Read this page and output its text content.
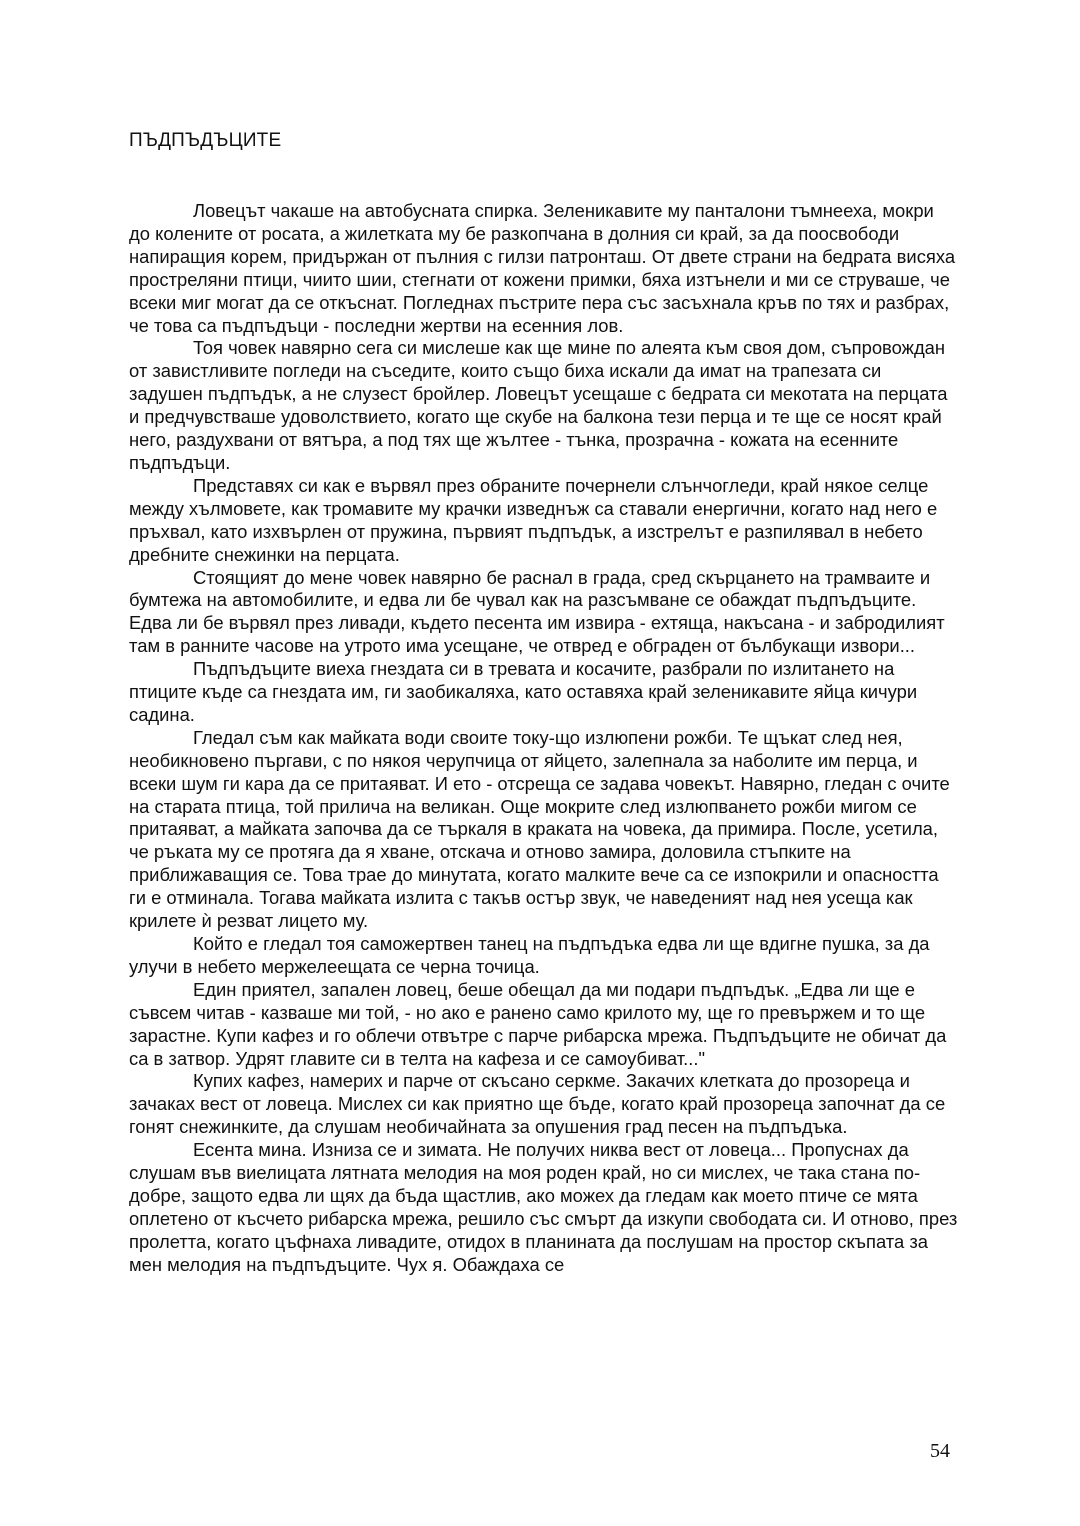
ПЪДПЪДЪЦИТЕ

Ловецът чакаше на автобусната спирка. Зеленикавите му панталони тъмнееха, мокри до колените от росата, а жилетката му бе разкопчана в долния си край, за да поосвободи напиращия корем, придържан от пълния с гилзи патронташ. От двете страни на бедрата висяха простреляни птици, чиито шии, стегнати от кожени примки, бяха изтънели и ми се струваше, че всеки миг могат да се откъснат. Погледнах пъстрите пера със засъхнала кръв по тях и разбрах, че това са пъдпъдъци - последни жертви на есенния лов.

Тоя човек навярно сега си мислеше как ще мине по алеята към своя дом, съпровождан от завистливите погледи на съседите, които също биха искали да имат на трапезата си задушен пъдпъдък, а не слузест бройлер. Ловецът усещаше с бедрата си мекотата на перцата и предчувстваше удоволствието, когато ще скубе на балкона тези перца и те ще се носят край него, раздухвани от вятъра, а под тях ще жълтее - тънка, прозрачна - кожата на есенните пъдпъдъци.

Представях си как е вървял през обраните почернели слънчогледи, край някое селце между хълмовете, как тромавите му крачки изведнъж са ставали енергични, когато над него е пръхвал, като изхвърлен от пружина, първият пъдпъдък, а изстрелът е разпилявал в небето дребните снежинки на перцата.

Стоящият до мене човек навярно бе раснал в града, сред скърцането на трамваите и бумтежа на автомобилите, и едва ли бе чувал как на разсъмване се обаждат пъдпъдъците. Едва ли бе вървял през ливади, където песента им извира - ехтяща, накъсана - и забродилият там в ранните часове на утрото има усещане, че отвред е обграден от бълбукащи извори...

Пъдпъдъците виеха гнездата си в тревата и косачите, разбрали по излитането на птиците къде са гнездата им, ги заобикаляха, като оставяха край зеленикавите яйца кичури садина.

Гледал съм как майката води своите току-що излюпени рожби. Те щъкат след нея, необикновено пъргави, с по някоя черупчица от яйцето, залепнала за наболите им перца, и всеки шум ги кара да се притаяват. И ето - отсреща се задава човекът. Навярно, гледан с очите на старата птица, той прилича на великан. Още мокрите след излюпването рожби мигом се притаяват, а майката започва да се търкаля в краката на човека, да примира. После, усетила, че ръката му се протяга да я хване, отскача и отново замира, доловила стъпките на приближаващия се. Това трае до минутата, когато малките вече са се изпокрили и опасността ги е отминала. Тогава майката излита с такъв остър звук, че наведеният над нея усеща как крилете ѝ резват лицето му.

Който е гледал тоя саможертвен танец на пъдпъдъка едва ли ще вдигне пушка, за да улучи в небето мержелеещата се черна точица.

Един приятел, запален ловец, беше обещал да ми подари пъдпъдък. „Едва ли ще е съвсем читав - казваше ми той, - но ако е ранено само крилото му, ще го превържем и то ще зарастне. Купи кафез и го облечи отвътре с парче рибарска мрежа. Пъдпъдъците не обичат да са в затвор. Удрят главите си в телта на кафеза и се самоубиват..."

Купих кафез, намерих и парче от скъсано серкме. Закачих клетката до прозореца и зачаках вест от ловеца. Мислех си как приятно ще бъде, когато край прозореца започнат да се гонят снежинките, да слушам необичайната за опушения град песен на пъдпъдъка.

Есента мина. Изниза се и зимата. Не получих никва вест от ловеца... Пропуснах да слушам във виелицата лятната мелодия на моя роден край, но си мислех, че така стана по-добре, защото едва ли щях да бъда щастлив, ако можех да гледам как моето птиче се мята оплетено от късчето рибарска мрежа, решило със смърт да изкупи свободата си. И отново, през пролетта, когато цъфнаха ливадите, отидох в планината да послушам на простор скъпата за мен мелодия на пъдпъдъците. Чух я. Обаждаха се

54
